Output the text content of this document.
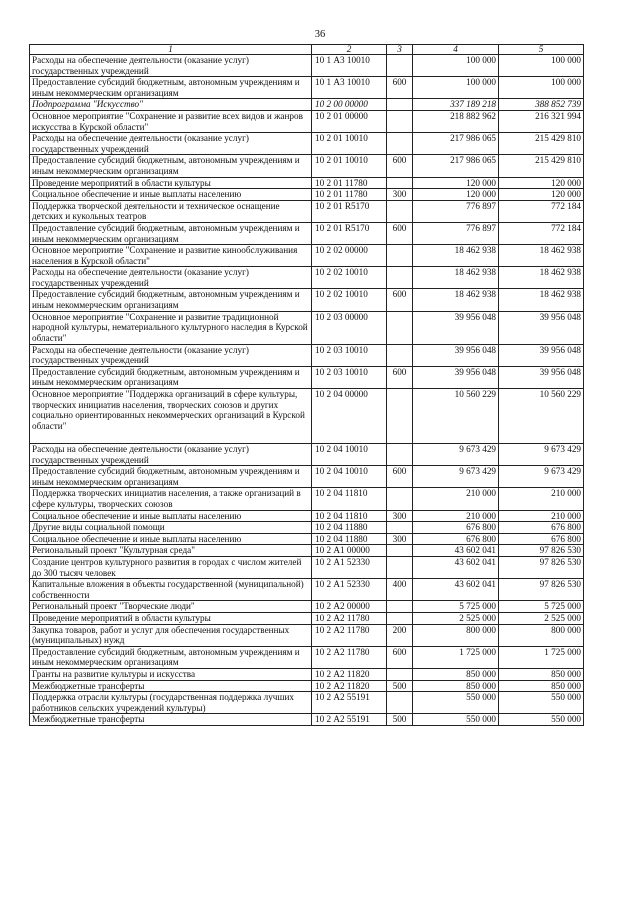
36
1	2	3	4	5
Расходы на обеспечение деятельности (оказание услуг) государственных учреждений	10 1 А3 10010		100 000	100 000
Предоставление субсидий бюджетным, автономным учреждениям и иным некоммерческим организациям	10 1 А3 10010	600	100 000	100 000
Подпрограмма "Искусство"	10 2 00 00000		337 189 218	388 852 739
Основное мероприятие "Сохранение и развитие всех видов и жанров искусства в Курской области"	10 2 01 00000		218 882 962	216 321 994
Расходы на обеспечение деятельности (оказание услуг) государственных учреждений	10 2 01 10010		217 986 065	215 429 810
Предоставление субсидий бюджетным, автономным учреждениям и иным некоммерческим организациям	10 2 01 10010	600	217 986 065	215 429 810
Проведение мероприятий в области культуры	10 2 01 11780		120 000	120 000
Социальное обеспечение и иные выплаты населению	10 2 01 11780	300	120 000	120 000
Поддержка творческой деятельности и техническое оснащение детских и кукольных театров	10 2 01 R5170		776 897	772 184
Предоставление субсидий бюджетным, автономным учреждениям и иным некоммерческим организациям	10 2 01 R5170	600	776 897	772 184
Основное мероприятие "Сохранение и развитие кинообслуживания населения в Курской области"	10 2 02 00000		18 462 938	18 462 938
Расходы на обеспечение деятельности (оказание услуг) государственных учреждений	10 2 02 10010		18 462 938	18 462 938
Предоставление субсидий бюджетным, автономным учреждениям и иным некоммерческим организациям	10 2 02 10010	600	18 462 938	18 462 938
Основное мероприятие "Сохранение и развитие традиционной народной культуры, нематериального культурного наследия в Курской области"	10 2 03 00000		39 956 048	39 956 048
Расходы на обеспечение деятельности (оказание услуг) государственных учреждений	10 2 03 10010		39 956 048	39 956 048
Предоставление субсидий бюджетным, автономным учреждениям и иным некоммерческим организациям	10 2 03 10010	600	39 956 048	39 956 048
Основное мероприятие "Поддержка организаций в сфере культуры, творческих инициатив населения, творческих союзов и других социально ориентированных некоммерческих организаций в Курской области"	10 2 04 00000		10 560 229	10 560 229
Расходы на обеспечение деятельности (оказание услуг) государственных учреждений	10 2 04 10010		9 673 429	9 673 429
Предоставление субсидий бюджетным, автономным учреждениям и иным некоммерческим организациям	10 2 04 10010	600	9 673 429	9 673 429
Поддержка творческих инициатив населения, а также организаций в сфере культуры, творческих союзов	10 2 04 11810		210 000	210 000
Социальное обеспечение и иные выплаты населению	10 2 04 11810	300	210 000	210 000
Другие виды социальной помощи	10 2 04 11880		676 800	676 800
Социальное обеспечение и иные выплаты населению	10 2 04 11880	300	676 800	676 800
Региональный проект "Культурная среда"	10 2 А1 00000		43 602 041	97 826 530
Создание центров культурного развития в городах с числом жителей до 300 тысяч человек	10 2 А1 52330		43 602 041	97 826 530
Капитальные вложения в объекты государственной (муниципальной) собственности	10 2 А1 52330	400	43 602 041	97 826 530
Региональный проект "Творческие люди"	10 2 А2 00000		5 725 000	5 725 000
Проведение мероприятий в области культуры	10 2 А2 11780		2 525 000	2 525 000
Закупка товаров, работ и услуг для обеспечения государственных (муниципальных) нужд	10 2 А2 11780	200	800 000	800 000
Предоставление субсидий бюджетным, автономным учреждениям и иным некоммерческим организациям	10 2 А2 11780	600	1 725 000	1 725 000
Гранты на развитие культуры и искусства	10 2 А2 11820		850 000	850 000
Межбюджетные трансферты	10 2 А2 11820	500	850 000	850 000
Поддержка отрасли культуры (государственная поддержка лучших работников сельских учреждений культуры)	10 2 А2 55191		550 000	550 000
Межбюджетные трансферты	10 2 А2 55191	500	550 000	550 000
